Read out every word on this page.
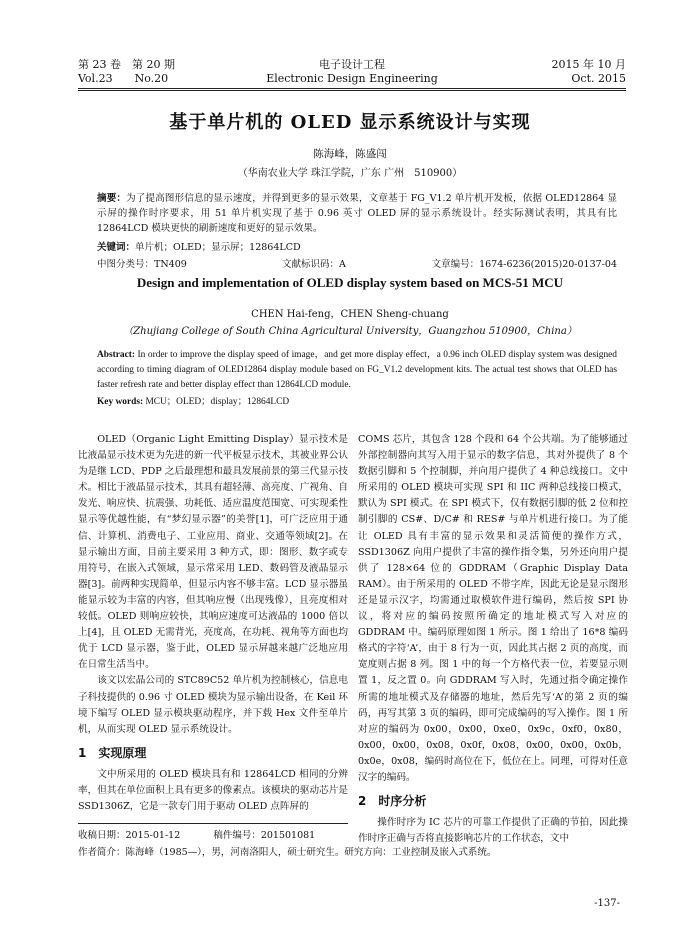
第 23 卷　第 20 期
Vol.23　　No.20
电子设计工程
Electronic Design Engineering
2015 年 10 月
Oct. 2015
基于单片机的 OLED 显示系统设计与实现
陈海峰，陈盛闯
（华南农业大学 珠江学院，广东 广州　510900）
摘要：为了提高图形信息的显示速度，并得到更多的显示效果，文章基于 FG_V1.2 单片机开发板，依据 OLED12864 显示屏的操作时序要求，用 51 单片机实现了基于 0.96 英寸 OLED 屏的显示系统设计。经实际测试表明，其具有比 12864LCD 模块更快的刷新速度和更好的显示效果。
关键词：单片机；OLED；显示屏；12864LCD
中图分类号：TN409	文献标识码：A	文章编号：1674-6236(2015)20-0137-04
Design and implementation of OLED display system based on MCS-51 MCU
CHEN Hai-feng，CHEN Sheng-chuang
（Zhujiang College of South China Agricultural University，Guangzhou 510900，China）
Abstract: In order to improve the display speed of image，and get more display effect，a 0.96 inch OLED display system was designed according to timing diagram of OLED12864 display module based on FG_V1.2 development kits. The actual test shows that OLED has faster refresh rate and better display effect than 12864LCD module.
Key words: MCU；OLED；display；12864LCD

OLED（Organic Light Emitting Display）显示技术是比液晶显示技术更为先进的新一代平板显示技术，其被业界公认为是继 LCD、PDP 之后最理想和最具发展前景的第三代显示技术。相比于液晶显示技术，其具有超轻薄、高亮度、广视角、自发光、响应快、抗震强、功耗低、适应温度范围宽、可实现柔性显示等优越性能，有“梦幻显示器”的美誉[1]，可广泛应用于通信、计算机、消费电子、工业应用、商业、交通等领域[2]。在显示输出方面，目前主要采用 3 种方式，即：图形、数字或专用符号，在嵌入式领域，显示常采用 LED、数码管及液晶显示器[3]。前两种实现简单，但显示内容不够丰富。LCD 显示器虽能显示较为丰富的内容，但其响应慢（出现残像），且亮度相对较低。OLED 则响应较快，其响应速度可达液晶的 1000 倍以上[4]，且 OLED 无需背光，亮度高，在功耗、视角等方面也均优于 LCD 显示器，鉴于此，OLED 显示屏越来越广泛地应用在日常生活当中。

该文以宏晶公司的 STC89C52 单片机为控制核心，信息电子科技提供的 0.96 寸 OLED 模块为显示输出设备，在 Keil 环境下编写 OLED 显示模块驱动程序，并下载 Hex 文件至单片机，从而实现 OLED 显示系统设计。

1　实现原理

文中所采用的 OLED 模块具有和 12864LCD 相同的分辨率，但其在单位面积上具有更多的像素点。该模块的驱动芯片是 SSD1306Z，它是一款专门用于驱动 OLED 点阵屏的

COMS 芯片，其包含 128 个段和 64 个公共端。为了能够通过外部控制器向其写入用于显示的数字信息，其对外提供了 8 个数据引脚和 5 个控制脚，并向用户提供了 4 种总线接口。文中所采用的 OLED 模块可实现 SPI 和 IIC 两种总线接口模式，默认为 SPI 模式。在 SPI 模式下，仅有数据引脚的低 2 位和控制引脚的 CS#、D/C# 和 RES# 与单片机进行接口。为了能让 OLED 具有丰富的显示效果和灵活简便的操作方式，SSD1306Z 向用户提供了丰富的操作指令集，另外还向用户提供了 128×64 位的 GDDRAM（Graphic Display Data RAM）。由于所采用的 OLED 不带字库，因此无论是显示图形还是显示汉字，均需通过取模软件进行编码，然后按 SPI 协议，将对应的编码按照所确定的地址模式写入对应的 GDDRAM 中。编码原理如图 1 所示。图 1 给出了 16*8 编码格式的字符‘A’，由于 8 行为一页，因此其占据 2 页的高度，而宽度则占据 8 列。图 1 中的每一个方格代表一位，若要显示则置 1，反之置 0。向 GDDRAM 写入时，先通过指令确定操作所需的地址模式及存储器的地址，然后先写‘A’的第 2 页的编码，再写其第 3 页的编码，即可完成编码的写入操作。图 1 所对应的编码为 0x00，0x00，0xe0，0x9c，0xf0，0x80，0x00，0x00，0x08，0x0f，0x08，0x00，0x00，0x0b，0x0e，0x08，编码时高位在下，低位在上。同理，可得对任意汉字的编码。

2　时序分析

操作时序为 IC 芯片的可靠工作提供了正确的节拍，因此操作时序正确与否将直接影响芯片的工作状态，文中

收稿日期：2015-01-12	稿件编号：201501081
作者简介：陈海峰（1985—），男，河南洛阳人，硕士研究生。研究方向：工业控制及嵌入式系统。
-137-
